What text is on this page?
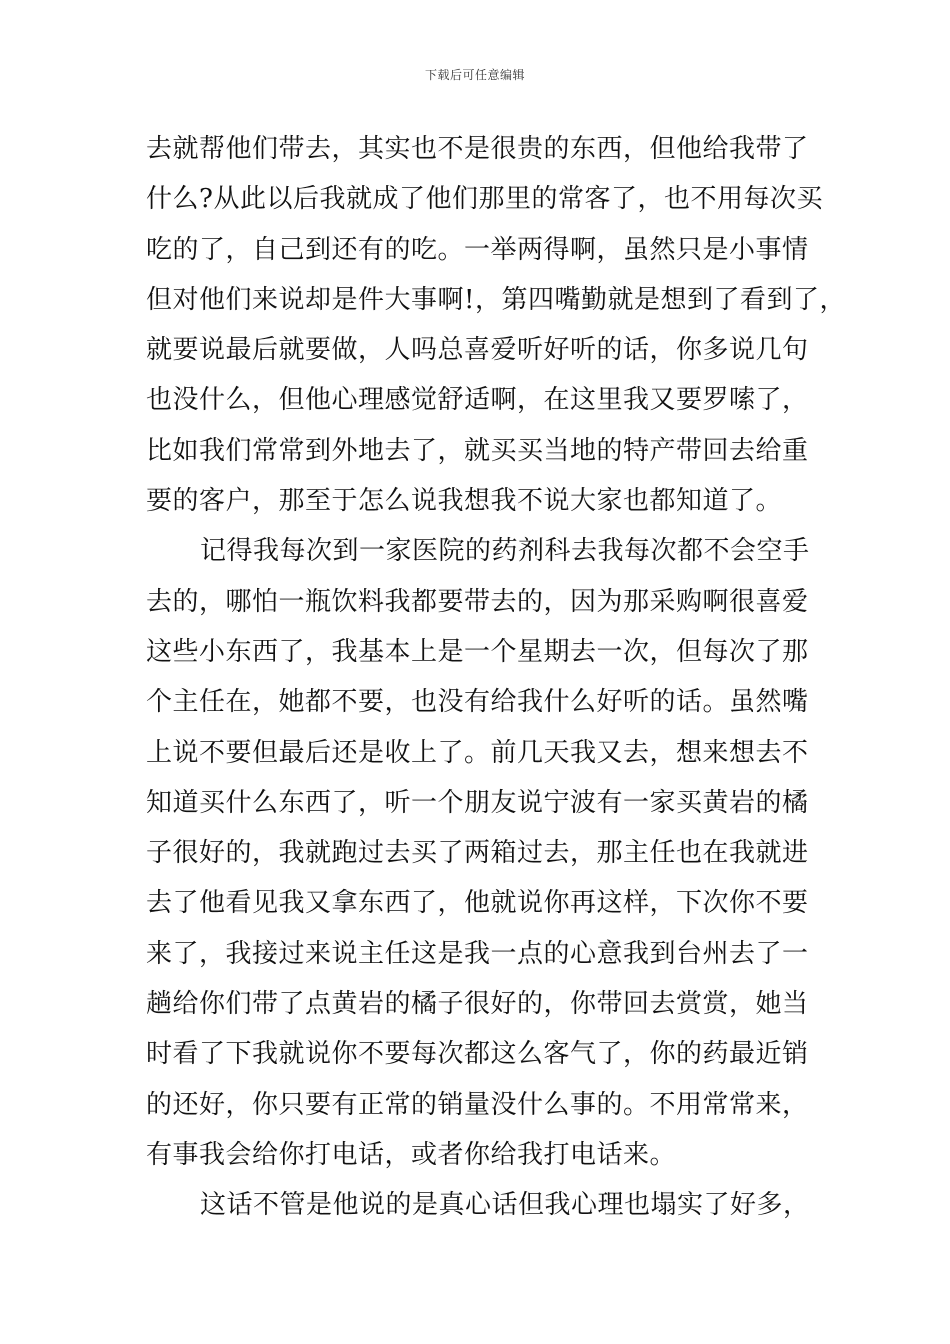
下载后可任意编辑
去就帮他们带去，其实也不是很贵的东西，但他给我带了
什么?从此以后我就成了他们那里的常客了，也不用每次买
吃的了，自己到还有的吃。一举两得啊，虽然只是小事情
但对他们来说却是件大事啊!，第四嘴勤就是想到了看到了，
就要说最后就要做，人吗总喜爱听好听的话，你多说几句
也没什么，但他心理感觉舒适啊，在这里我又要罗嗦了，
比如我们常常到外地去了，就买买当地的特产带回去给重
要的客户，那至于怎么说我想我不说大家也都知道了。
记得我每次到一家医院的药剂科去我每次都不会空手
去的，哪怕一瓶饮料我都要带去的，因为那采购啊很喜爱
这些小东西了，我基本上是一个星期去一次，但每次了那
个主任在，她都不要，也没有给我什么好听的话。虽然嘴
上说不要但最后还是收上了。前几天我又去，想来想去不
知道买什么东西了，听一个朋友说宁波有一家买黄岩的橘
子很好的，我就跑过去买了两箱过去，那主任也在我就进
去了他看见我又拿东西了，他就说你再这样，下次你不要
来了，我接过来说主任这是我一点的心意我到台州去了一
趟给你们带了点黄岩的橘子很好的，你带回去赏赏，她当
时看了下我就说你不要每次都这么客气了，你的药最近销
的还好，你只要有正常的销量没什么事的。不用常常来，
有事我会给你打电话，或者你给我打电话来。
这话不管是他说的是真心话但我心理也塌实了好多，
